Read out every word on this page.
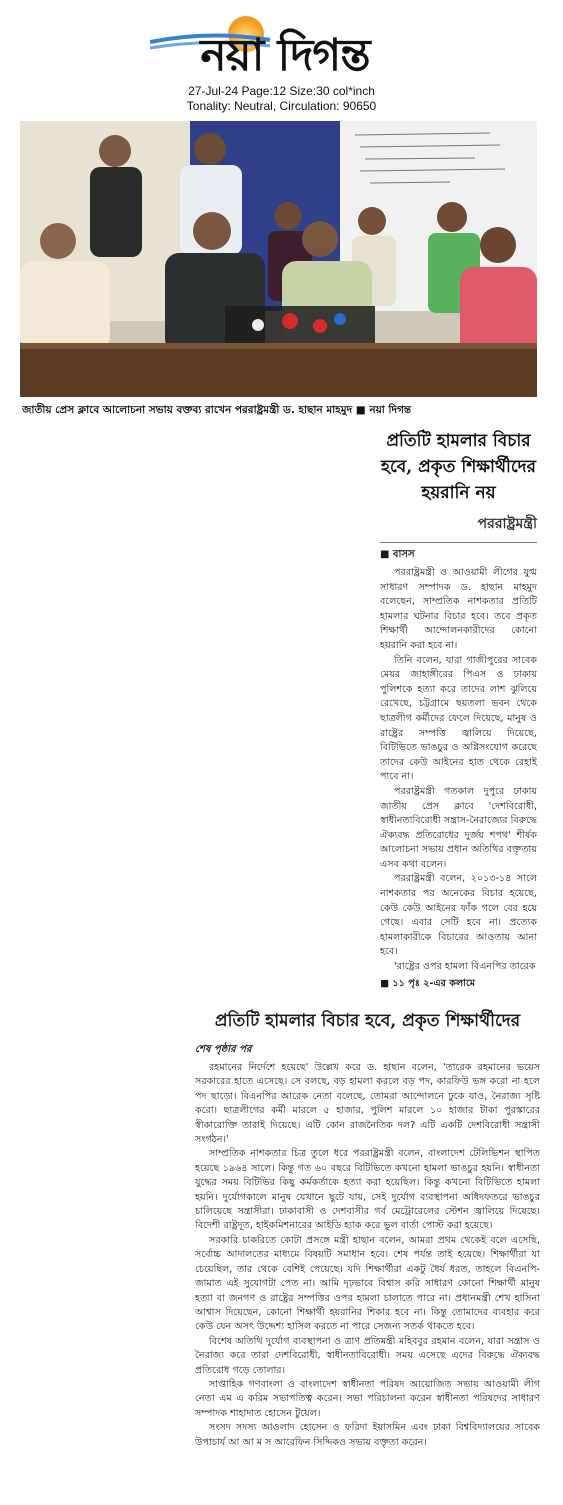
নয়া দিগন্ত
27-Jul-24 Page:12 Size:30 col*inch
Tonality: Neutral, Circulation: 90650
জাতীয় প্রেস ক্লাবে আলোচনা সভায় বক্তব্য রাখেন পররাষ্ট্রমন্ত্রী ড. হাছান মাহমুদ ■ নয়া দিগন্ত
প্রতিটি হামলার বিচার হবে, প্রকৃত শিক্ষার্থীদের হয়রানি নয়
পররাষ্ট্রমন্ত্রী
■ বাসস

পররাষ্ট্রমন্ত্রী ও আওয়ামী লীগের যুগ্ম সাধারণ সম্পাদক ড. হাছান মাহমুদ বলেছেন, সাম্প্রতিক নাশকতার প্রতিটি হামলার ঘটনার বিচার হবে। তবে প্রকৃত শিক্ষার্থী আন্দোলনকারীদের কোনো হয়রানি করা হবে না।

তিনি বলেন, যারা গাজীপুরের সাবেক মেয়র জাহাঙ্গীরের পিএস ও ঢাকায় পুলিশকে হত্যা করে তাদের লাশ ঝুলিয়ে রেখেছে, চট্টগ্রামে ছয়তলা ভবন থেকে ছাত্রলীগ কর্মীদের ফেলে দিয়েছে, মানুষ ও রাষ্ট্রের সম্পত্তি জ্বালিয়ে দিয়েছে, বিটিভিতে ভাঙচুর ও অগ্নিসংযোগ করেছে তাদের কেউ আইনের হাত থেকে রেহাই পাবে না।

পররাষ্ট্রমন্ত্রী গতকাল দুপুরে ঢাকায় জাতীয় প্রেস ক্লাবে 'দেশবিরোধী, স্বাধীনতাবিরোধী সন্ত্রাস-নৈরাজ্যের বিরুদ্ধে ঐক্যবদ্ধ প্রতিরোধের দুর্জয় শপথ' শীর্ষক আলোচনা সভায় প্রধান অতিথির বক্তৃতায় এসব কথা বলেন।

পররাষ্ট্রমন্ত্রী বলেন, ২০১৩-১৪ সালে নাশকতার পর অনেকের বিচার হয়েছে, কেউ কেউ আইনের ফাঁক গলে বের হয়ে গেছে। এবার সেটি হবে না। প্রত্যেক হামলাকারীকে বিচারের আওতায় আনা হবে।

'রাষ্ট্রের ওপর হামলা বিএনপির তারেক

■ ১১ পৃঃ ২-এর কলামে
প্রতিটি হামলার বিচার হবে, প্রকৃত শিক্ষার্থীদের
শেষ পৃষ্ঠার পর

রহমানের নির্দেশে হয়েছে' উল্লেখ করে ড. হাছান বলেন, 'তারেক রহমানের ভয়েস সরকারের হাতে এসেছে। সে বলছে, বড় হামলা করলে বড় পদ, কারফিউ ভঙ্গ করো না হলে পদ ছাড়ো। বিএনপির আরেক নেতা বলেছে, তোমরা আন্দোলনে ঢুকে যাও, নৈরাজ্য সৃষ্টি করো। ছাত্রলীগের কর্মী মারলে ৫ হাজার, পুলিশ মারলে ১০ হাজার টাকা পুরস্কারের স্বীকারোক্তি তারাই দিয়েছে। এটি কোন রাজনৈতিক দল? এটি একটি দেশবিরোধী সন্ত্রাসী সংগঠন।'

সাম্প্রতিক নাশকতার চিত্র তুলে ধরে পররাষ্ট্রমন্ত্রী বলেন, বাংলাদেশ টেলিভিশন স্থাপিত হয়েছে ১৯৬৪ সালে। কিন্তু গত ৬০ বছরে বিটিভিতে কখনো হামলা ভাঙচুর হয়নি। স্বাধীনতা যুদ্ধের সময় বিটিভির কিছু কর্মকর্তাকে হত্যা করা হয়েছিল। কিন্তু কখনো বিটিভিতে হামলা হয়নি। দুর্যোগকালে মানুষ যেখানে ছুটে যায়, সেই দুর্যোগ ব্যবস্থাপনা অধিদফতরে ভাঙচুর চালিয়েছে সন্ত্রাসীরা। ঢাকাবাসী ও দেশবাসীর গর্ব মেট্রোরেলের স্টেশন জ্বালিয়ে দিয়েছে। বিদেশী রাষ্ট্রদূত, হাইকমিশনারের আইডি হ্যাক করে ভুল বার্তা পোস্ট করা হয়েছে।

সরকারি চাকরিতে কোটা প্রসঙ্গে মন্ত্রী হাছান বলেন, আমরা প্রথম থেকেই বলে এসেছি, সর্বোচ্চ আদালতের মাধ্যমে বিষয়টি সমাধান হবে। শেষ পর্যন্ত তাই হয়েছে। শিক্ষার্থীরা যা চেয়েছিল, তার থেকে বেশিই পেয়েছে। যদি শিক্ষার্থীরা একটু ধৈর্য ধরত, তাহলে বিএনপি-জামাত এই সুযোগটা পেত না। আমি দৃঢ়ভাবে বিশ্বাস করি সাধারণ কোনো শিক্ষার্থী মানুষ হত্যা বা জনগণ ও রাষ্ট্রের সম্পত্তির ওপর হামলা চালাতে পারে না। প্রধানমন্ত্রী শেখ হাসিনা আশ্বাস দিয়েছেন, কোনো শিক্ষার্থী হয়রানির শিকার হবে না। কিন্তু তোমাদের ব্যবহার করে কেউ যেন অসৎ উদ্দেশ্য হাসিল করতে না পারে সেজন্য সতর্ক থাকতে হবে।

বিশেষ অতিথি দুর্যোগ ব্যবস্থাপনা ও ত্রাণ প্রতিমন্ত্রী মহিববুর রহমান বলেন, যারা সন্ত্রাস ও নৈরাজ্য করে তারা দেশবিরোধী, স্বাধীনতাবিরোধী। সময় এসেছে এদের বিরুদ্ধে ঐক্যবদ্ধ প্রতিরোধ গড়ে তোলার।

সাপ্তাহিক গণবাংলা ও বাংলাদেশ স্বাধীনতা পরিষদ আয়োজিত সভায় আওয়ামী লীগ নেতা এম এ করিম সভাপতিত্ব করেন। সভা পরিচালনা করেন স্বাধীনতা পরিষদের সাধারণ সম্পাদক শাহাদাত হোসেন টুয়েল।

সংসদ সদস্য আওলাদ হোসেন ও ফরিদা ইয়াসমিন এবং ঢাকা বিশ্ববিদ্যালয়ের সাবেক উপাচার্য আ আ ম স আরেফিন সিদ্দিকও সভায় বক্তৃতা করেন।
